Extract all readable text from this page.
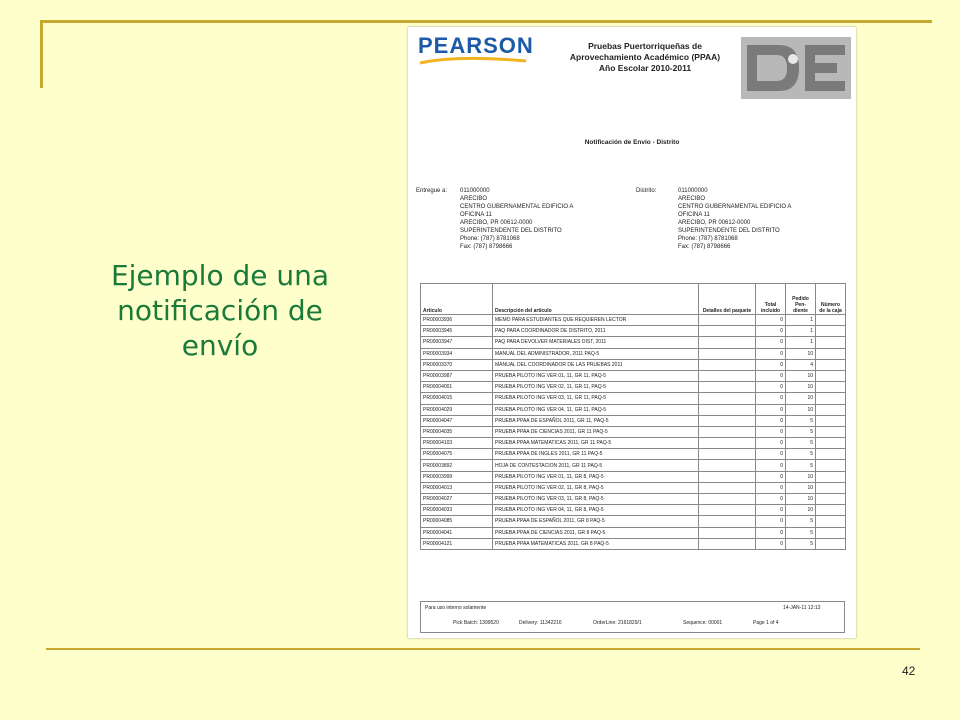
Ejemplo de una
notificación de
envío
42
PEARSON	Pruebas Puertorriqueñas de
Aprovechamiento Académico (PPAA)
Año Escolar 2010-2011
Notificación de Envío - Distrito
Entregue a: 011000000
ARECIBO
CENTRO GUBERNAMENTAL EDIFICIO A
OFICINA 11
ARECIBO, PR 00612-0000
SUPERINTENDENTE DEL DISTRITO
Phone: (787) 8781068
Fax: (787) 8798666
Distrito:	011000000
ARECIBO
CENTRO GUBERNAMENTAL EDIFICIO A
OFICINA 11
ARECIBO, PR 00612-0000
SUPERINTENDENTE DEL DISTRITO
Phone: (787) 8781068
Fax: (787) 8798666
Artículo	Descripción del artículo	Detalles del paquete	Total incluido	Pedido Pen-diente	Número de la caja
PR00003936	MEMO PARA ESTUDIANTES QUE REQUIEREN LECTOR		0	1	
PR00003945	PAQ PARA COORDINADOR DE DISTRITO, 2011		0	1	
PR00003947	PAQ PARA DEVOLVER MATERIALES DIST, 2011		0	1	
PR00003934	MANUAL DEL ADMINISTRADOR, 2011 PAQ-5		0	10	
PR00003370	MANUAL DEL COORDINADOR DE LAS PRUEBAS 2011		0	4	
PR00003987	PRUEBA PILOTO ING VER 01, 11, GR 11, PAQ-5		0	10	
PR00004001	PRUEBA PILOTO ING VER 02, 11, GR 11, PAQ-5		0	10	
PR00004015	PRUEBA PILOTO ING VER 03, 11, GR 11, PAQ-5		0	10	
PR00004029	PRUEBA PILOTO ING VER 04, 11, GR 11, PAQ-5		0	10	
PR00004047	PRUEBA PPAA DE ESPAÑOL 2011, GR 11, PAQ-5		0	5	
PR00004035	PRUEBA PPAA DE CIENCIAS 2011, GR 11 PAQ-5		0	5	
PR00004103	PRUEBA PPAA MATEMATICAS 2011, GR 11 PAQ-5		0	5	
PR00004075	PRUEBA PPAA DE INGLES 2011, GR 11 PAQ-5		0	5	
PR00003892	HOJA DE CONTESTACION 2011, GR 11 PAQ-5		0	5	
PR00003999	PRUEBA PILOTO ING VER 01, 11, GR 8, PAQ-5		0	10	
PR00004013	PRUEBA PILOTO ING VER 02, 11, GR 8, PAQ-5		0	10	
PR00004027	PRUEBA PILOTO ING VER 03, 11, GR 8, PAQ-5		0	10	
PR00004033	PRUEBA PILOTO ING VER 04, 11, GR 8, PAQ-5		0	10	
PR00004085	PRUEBA PPAA DE ESPAÑOL 2011, GR 8 PAQ-5		0	5	
PR00004041	PRUEBA PPAA DE CIENCIAS 2011, GR 8 PAQ-5		0	5	
PR00004121	PRUEBA PPAA MATEMATICAS 2011, GR 8 PAQ-5		0	5	
Para uso interno solamente	14-JAN-11 12:13
Pick Batch: 1399520	Delivery: 11342216	OrderLine: 2161829/1	Sequence: 00001	Page 1 of 4
